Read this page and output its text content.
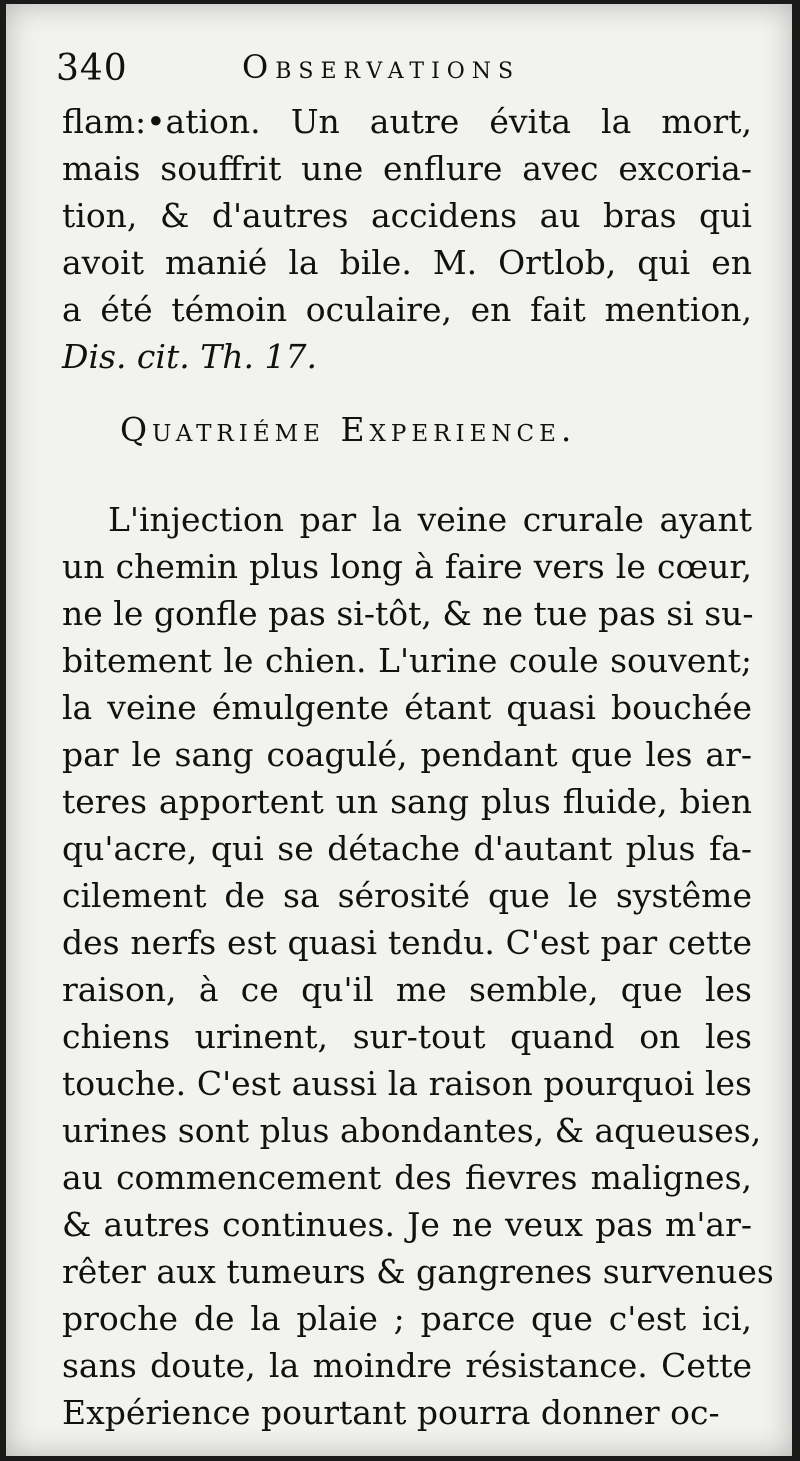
340	Observations
flam:•ation. Un autre évita la mort,
mais souffrit une enflure avec excoria-
tion, & d'autres accidens au bras qui
avoit manié la bile. M. Ortlob, qui en
a été témoin oculaire, en fait mention,
Dis. cit. Th. 17.
Quatriéme Experience.
L'injection par la veine crurale ayant
un chemin plus long à faire vers le cœur,
ne le gonfle pas si-tôt, & ne tue pas si su-
bitement le chien. L'urine coule souvent;
la veine émulgente étant quasi bouchée
par le sang coagulé, pendant que les ar-
teres apportent un sang plus fluide, bien
qu'acre, qui se détache d'autant plus fa-
cilement de sa sérosité que le systême
des nerfs est quasi tendu. C'est par cette
raison, à ce qu'il me semble, que les
chiens urinent, sur-tout quand on les
touche. C'est aussi la raison pourquoi les
urines sont plus abondantes, & aqueuses,
au commencement des fievres malignes,
& autres continues. Je ne veux pas m'ar-
rêter aux tumeurs & gangrenes survenues
proche de la plaie ; parce que c'est ici,
sans doute, la moindre résistance. Cette
Expérience pourtant pourra donner oc-
